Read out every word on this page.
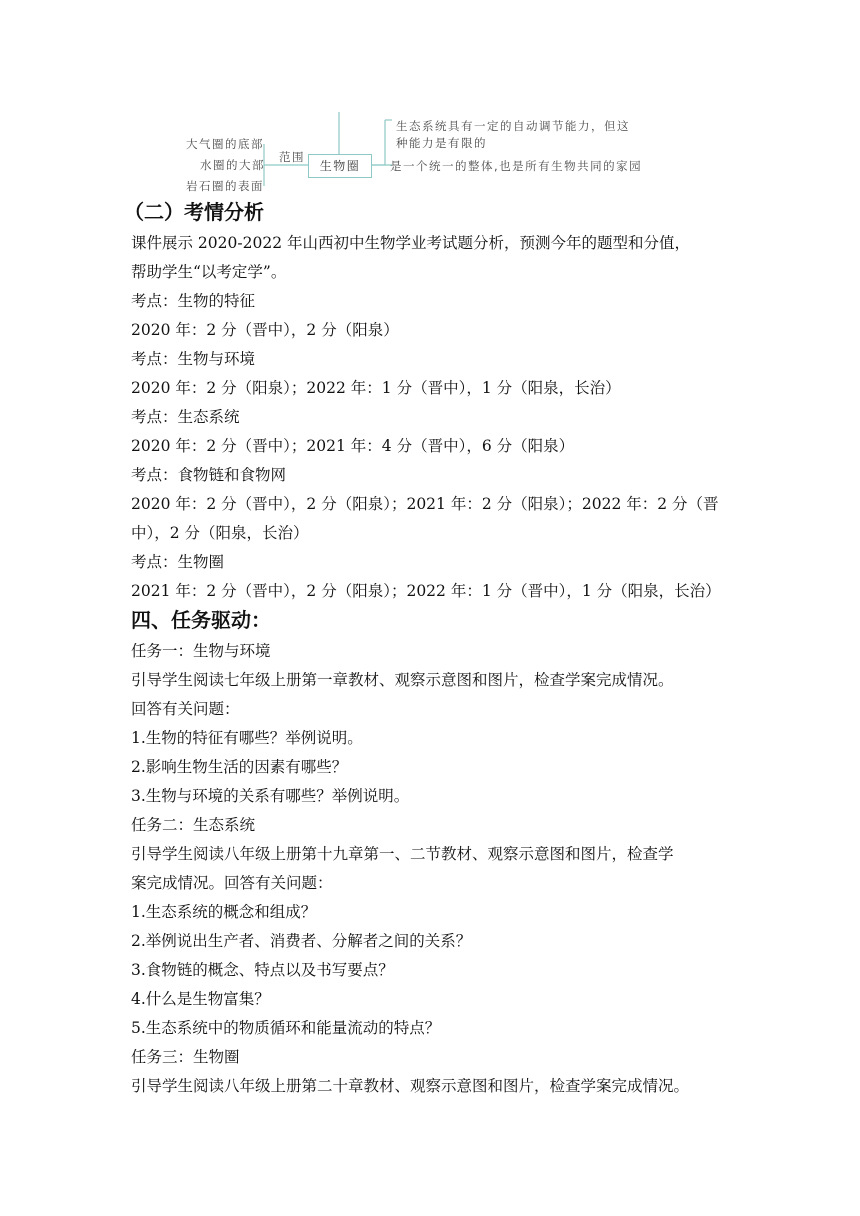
大气圈的底部
水圈的大部
岩石圈的表面
范围
生物圈
生态系统具有一定的自动调节能力，但这
种能力是有限的
是一个统一的整体,也是所有生物共同的家园
（二）考情分析
课件展示 2020-2022 年山西初中生物学业考试题分析，预测今年的题型和分值，
帮助学生“以考定学”。
考点：生物的特征
2020 年：2 分（晋中），2 分（阳泉）
考点：生物与环境
2020 年：2 分（阳泉）；2022 年：1 分（晋中），1 分（阳泉，长治）
考点：生态系统
2020 年：2 分（晋中）；2021 年：4 分（晋中），6 分（阳泉）
考点：食物链和食物网
2020 年：2 分（晋中），2 分（阳泉）；2021 年：2 分（阳泉）；2022 年：2 分（晋
中），2 分（阳泉，长治）
考点：生物圈
2021 年：2 分（晋中），2 分（阳泉）；2022 年：1 分（晋中），1 分（阳泉，长治）
四、任务驱动：
任务一：生物与环境
引导学生阅读七年级上册第一章教材、观察示意图和图片，检查学案完成情况。
回答有关问题：
1.生物的特征有哪些？举例说明。
2.影响生物生活的因素有哪些？
3.生物与环境的关系有哪些？举例说明。
任务二：生态系统
引导学生阅读八年级上册第十九章第一、二节教材、观察示意图和图片，检查学
案完成情况。回答有关问题：
1.生态系统的概念和组成？
2.举例说出生产者、消费者、分解者之间的关系？
3.食物链的概念、特点以及书写要点？
4.什么是生物富集？
5.生态系统中的物质循环和能量流动的特点？
任务三：生物圈
引导学生阅读八年级上册第二十章教材、观察示意图和图片，检查学案完成情况。
